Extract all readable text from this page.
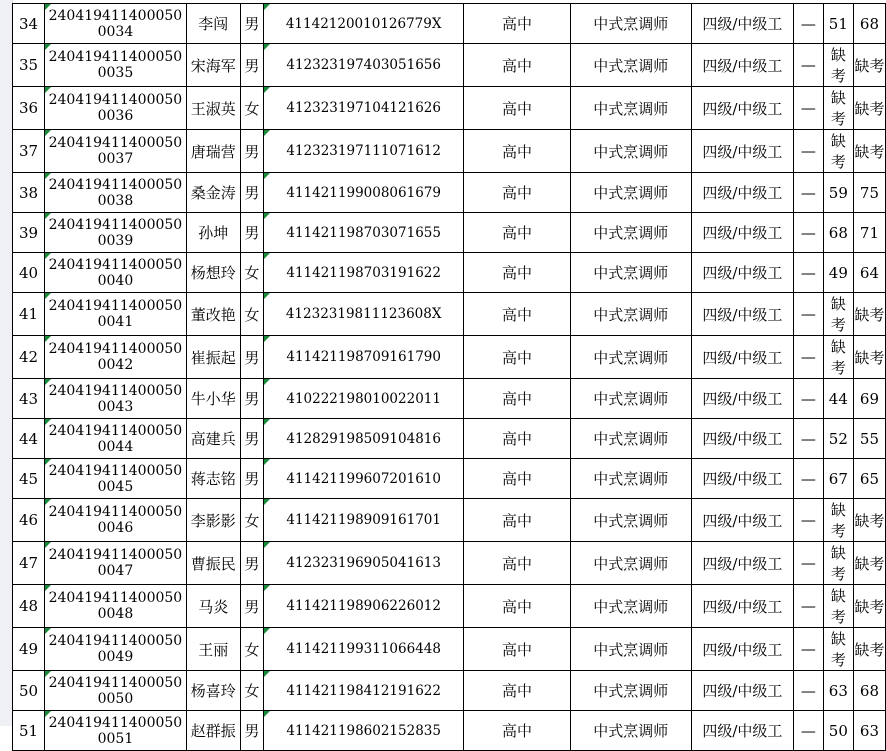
34	2404194114000500034	李闯	男	41142120010126779X	高中	中式烹调师	四级/中级工	—	51	68
35	2404194114000500035	宋海军	男	412323197403051656	高中	中式烹调师	四级/中级工	—	缺考	缺考
36	2404194114000500036	王淑英	女	412323197104121626	高中	中式烹调师	四级/中级工	—	缺考	缺考
37	2404194114000500037	唐瑞营	男	412323197111071612	高中	中式烹调师	四级/中级工	—	缺考	缺考
38	2404194114000500038	桑金涛	男	411421199008061679	高中	中式烹调师	四级/中级工	—	59	75
39	2404194114000500039	孙坤	男	411421198703071655	高中	中式烹调师	四级/中级工	—	68	71
40	2404194114000500040	杨想玲	女	411421198703191622	高中	中式烹调师	四级/中级工	—	49	64
41	2404194114000500041	董改艳	女	41232319811123608X	高中	中式烹调师	四级/中级工	—	缺考	缺考
42	2404194114000500042	崔振起	男	411421198709161790	高中	中式烹调师	四级/中级工	—	缺考	缺考
43	2404194114000500043	牛小华	男	410222198010022011	高中	中式烹调师	四级/中级工	—	44	69
44	2404194114000500044	高建兵	男	412829198509104816	高中	中式烹调师	四级/中级工	—	52	55
45	2404194114000500045	蒋志铭	男	411421199607201610	高中	中式烹调师	四级/中级工	—	67	65
46	2404194114000500046	李影影	女	411421198909161701	高中	中式烹调师	四级/中级工	—	缺考	缺考
47	2404194114000500047	曹振民	男	412323196905041613	高中	中式烹调师	四级/中级工	—	缺考	缺考
48	2404194114000500048	马炎	男	411421198906226012	高中	中式烹调师	四级/中级工	—	缺考	缺考
49	2404194114000500049	王丽	女	411421199311066448	高中	中式烹调师	四级/中级工	—	缺考	缺考
50	2404194114000500050	杨喜玲	女	411421198412191622	高中	中式烹调师	四级/中级工	—	63	68
51	2404194114000500051	赵群振	男	411421198602152835	高中	中式烹调师	四级/中级工	—	50	63
